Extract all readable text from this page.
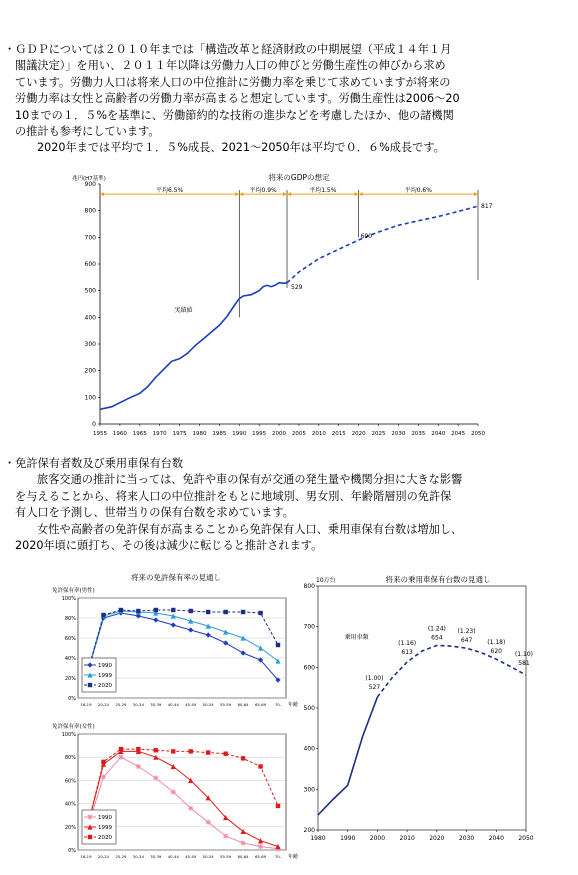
・ＧＤＰについては２０１０年までは「構造改革と経済財政の中期展望（平成１４年１月
閣議決定）」を用い、２０１１年以降は労働力人口の伸びと労働生産性の伸びから求め
ています。労働力人口は将来人口の中位推計に労働力率を乗じて求めていますが将来の
労働力率は女性と高齢者の労働力率が高まると想定しています。労働生産性は2006～20
10までの１．５%を基準に、労働節約的な技術の進歩などを考慮したほか、他の諸機関
の推計も参考にしています。
2020年までは平均で１．５%成長、2021～2050年は平均で０．６%成長です。
将来のGDPの想定
兆円(H7基準)
0
100
200
300
400
500
600
700
800
900
1955 1960 1965 1970 1975 1980 1985 1990 1995 2000 2005 2010 2015 2020 2025 2030 2035 2040 2045 2050
平均6.5%	平均0.9%	平均1.5%	平均0.6%
実績値
529
690
817
・免許保有者数及び乗用車保有台数
旅客交通の推計に当っては、免許や車の保有が交通の発生量や機関分担に大きな影響
を与えることから、将来人口の中位推計をもとに地域別、男女別、年齢階層別の免許保
有人口を予測し、世帯当りの保有台数を求めています。
女性や高齢者の免許保有が高まることから免許保有人口、乗用車保有台数は増加し、
2020年頃に頭打ち、その後は減少に転じると推計されます。
将来の免許保有率の見通し
免許保有率(男性)
0%
20%
40%
60%
80%
100%
16-19 20-24 25-29 30-34 35-39 40-44 45-49 50-54 55-59 60-64 65-69 70- 年齢
1990
1999
2020
免許保有率(女性)
0%
20%
40%
60%
80%
100%
16-19 20-24 25-29 30-34 35-39 40-44 45-49 50-54 55-59 60-64 65-69 70- 年齢
1990
1999
2020
10万台	将来の乗用車保有台数の見通し
200
300
400
500
600
700
800
1980 1990 2000 2010 2020 2030 2040 2050
乗用車類
(1.00)
527
(1.16)
613
(1.24)
654
(1.23)
647 (1.18)
620 (1.10)
581
